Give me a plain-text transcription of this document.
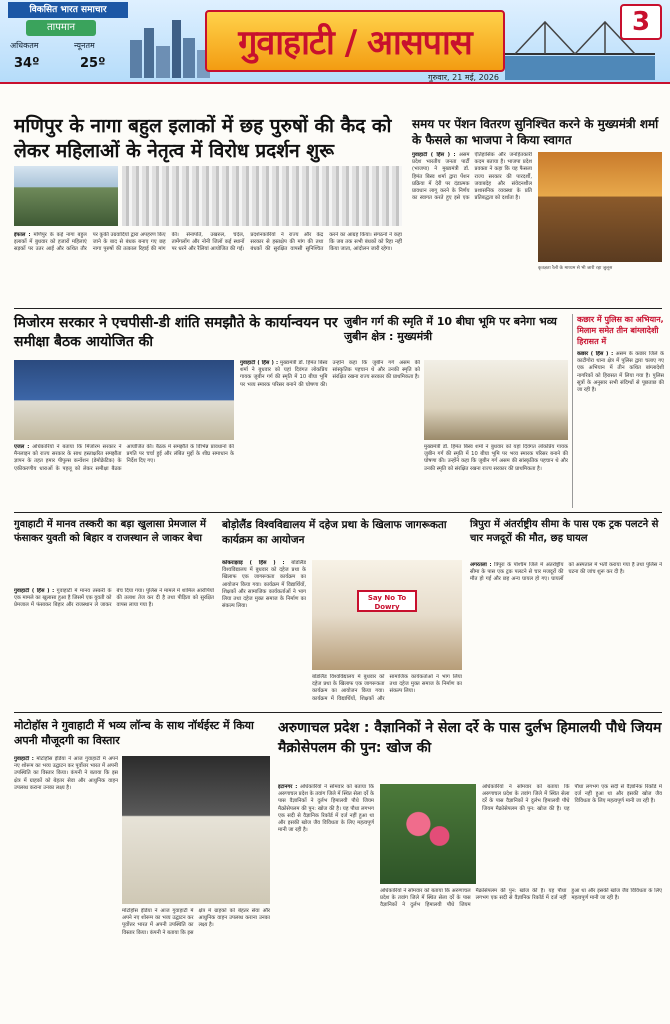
विकसित भारत समाचार
तापमान
अधिकतम	न्यूनतम
34º	25º
गुवाहाटी / आसपास
गुरुवार, 21 मई, 2026
3
मणिपुर के नागा बहुल इलाकों में छह पुरुषों की कैद को लेकर महिलाओं के नेतृत्व में विरोध प्रदर्शन शुरू
इंफाल : मणिपुर के कई नागा बहुल इलाकों में बुधवार को हजारों महिलाएं सड़कों पर उतर आईं और कथित तौर पर कुकी उग्रवादियों द्वारा अपहरण किए जाने के बाद से बंधक बनाए गए छह नागा पुरुषों की तत्काल रिहाई की मांग की। सेनापति, उखरुल, चंदेल, तामेंगलोंग और नोनी जिलों कई स्थानों पर धरने और रैलियां आयोजित की गईं। प्रदर्शनकारियों ने राज्य और केंद्र सरकार से हस्तक्षेप की मांग की तथा बंधकों की सुरक्षित वापसी सुनिश्चित करने का आग्रह किया। संगठनों ने कहा कि जब तक सभी बंधकों को रिहा नहीं किया जाता, आंदोलन जारी रहेगा।
समय पर पेंशन वितरण सुनिश्चित करने के मुख्यमंत्री शर्मा के फैसले का भाजपा ने किया स्वागत
गुवाहाटी ( हिंस ) : असम प्रदेश भारतीय जनता पार्टी (भाजपा) ने मुख्यमंत्री डॉ. हिमंत बिस्व शर्मा द्वारा पेंशन प्रक्रिया में देरी पर दंडात्मक प्रावधान लागू करने के निर्णय का स्वागत करते हुए इसे एक ऐतिहासिक और जनहितकारी कदम बताया है। भाजपा प्रदेश प्रवक्ता ने कहा कि यह फैसला राज्य सरकार की पारदर्शी, जवाबदेह और संवेदनशील प्रशासनिक व्यवस्था के प्रति प्रतिबद्धता को दर्शाता है।
कृतज्ञता रैली के माध्यम से भी जारी रहा जुलूस
मिजोरम सरकार ने एचपीसी-डी शांति समझौते के कार्यान्वयन पर समीक्षा बैठक आयोजित की
एजल : अधिकारियों ने बताया कि मिजोरम सरकार ने मैनलाइन को राज्य सरकार के साथ हस्ताक्षरित समझौता ज्ञापन के तहत हमार पीपुल्स कन्वेंशन (डेमोक्रेटिक) के एकीकरणीय धाराओं के पहलू को लेकर समीक्षा बैठक आयोजित की। बैठक में समझौते के विभिन्न प्रावधानों की प्रगति पर चर्चा हुई और लंबित मुद्दों के शीघ्र समाधान के निर्देश दिए गए।
जुबीन गर्ग की स्मृति में 10 बीघा भूमि पर बनेगा भव्य जुबीन क्षेत्र : मुख्यमंत्री
गुवाहाटी ( हिंस ) : मुख्यमंत्री डॉ. हिमंत बिस्व शर्मा ने बुधवार को यहां दिवंगत लोकप्रिय गायक जुबीन गर्ग की स्मृति में 10 बीघा भूमि पर भव्य स्मारक परिसर बनाने की घोषणा की। उन्होंने कहा कि जुबीन गर्ग असम की सांस्कृतिक पहचान थे और उनकी स्मृति को संरक्षित रखना राज्य सरकार की प्राथमिकता है।
मुख्यमंत्री डॉ. हिमंत बिस्व शर्मा ने बुधवार को यहां दिवंगत लोकप्रिय गायक जुबीन गर्ग की स्मृति में 10 बीघा भूमि पर भव्य स्मारक परिसर बनाने की घोषणा की। उन्होंने कहा कि जुबीन गर्ग असम की सांस्कृतिक पहचान थे और उनकी स्मृति को संरक्षित रखना राज्य सरकार की प्राथमिकता है।
कछार में पुलिस का अभियान, मिलाम समेत तीन बांग्लादेशी हिरासत में
कछार ( हिंस ) : असम के कछार जिले के काटीगोरा थाना क्षेत्र में पुलिस द्वारा चलाए गए एक अभियान में तीन कथित बांग्लादेशी नागरिकों को हिरासत में लिया गया है। पुलिस सूत्रों के अनुसार सभी संदिग्धों से पूछताछ की जा रही है।
गुवाहाटी में मानव तस्करी का बड़ा खुलासा प्रेमजाल में फंसाकर युवती को बिहार व राजस्थान ले जाकर बेचा
गुवाहाटी ( हिंस ) : गुवाहाटी में मानव तस्करी के एक मामले का खुलासा हुआ है जिसमें एक युवती को प्रेमजाल में फंसाकर बिहार और राजस्थान ले जाकर बेच दिया गया। पुलिस ने मामले में शामिल आरोपियों की तलाश तेज कर दी है तथा पीड़िता को सुरक्षित वापस लाया गया है।
बोड़ोलैंड विश्वविद्यालय में दहेज प्रथा के खिलाफ जागरूकता कार्यक्रम का आयोजन
कोकराझाड़ ( हिंस ) : बोडोलैंड विश्वविद्यालय में बुधवार को दहेज प्रथा के खिलाफ एक जागरूकता कार्यक्रम का आयोजन किया गया। कार्यक्रम में विद्यार्थियों, शिक्षकों और सामाजिक कार्यकर्ताओं ने भाग लिया तथा दहेज मुक्त समाज के निर्माण का संकल्प लिया।
Say No To Dowry
बोडोलैंड विश्वविद्यालय में बुधवार को दहेज प्रथा के खिलाफ एक जागरूकता कार्यक्रम का आयोजन किया गया। कार्यक्रम में विद्यार्थियों, शिक्षकों और सामाजिक कार्यकर्ताओं ने भाग लिया तथा दहेज मुक्त समाज के निर्माण का संकल्प लिया।
त्रिपुरा में अंतर्राष्ट्रीय सीमा के पास एक ट्रक पलटने से चार मजदूरों की मौत, छह घायल
अगरतला : त्रिपुरा के पश्चिम जिले में अंतर्राष्ट्रीय सीमा के पास एक ट्रक पलटने से चार मजदूरों की मौत हो गई और छह अन्य घायल हो गए। घायलों को अस्पताल में भर्ती कराया गया है तथा पुलिस ने घटना की जांच शुरू कर दी है।
मोटोहॉस ने गुवाहाटी में भव्य लॉन्च के साथ नॉर्थईस्ट में किया अपनी मौजूदगी का विस्तार
गुवाहाटी : मोटोहॉस इंडिया ने आज गुवाहाटी में अपने नए शोरूम का भव्य उद्घाटन कर पूर्वोत्तर भारत में अपनी उपस्थिति का विस्तार किया। कंपनी ने बताया कि इस क्षेत्र में ग्राहकों को बेहतर सेवा और आधुनिक वाहन उपलब्ध कराना उनका लक्ष्य है।
मोटोहॉस इंडिया ने आज गुवाहाटी में अपने नए शोरूम का भव्य उद्घाटन कर पूर्वोत्तर भारत में अपनी उपस्थिति का विस्तार किया। कंपनी ने बताया कि इस क्षेत्र में ग्राहकों को बेहतर सेवा और आधुनिक वाहन उपलब्ध कराना उनका लक्ष्य है।
अरुणाचल प्रदेश : वैज्ञानिकों ने सेला दर्रे के पास दुर्लभ हिमालयी पौधे जियम मैक्रोसेपलम की पुन: खोज की
इटानगर : अधिकारियों ने सोमवार को बताया कि अरुणाचल प्रदेश के तवांग जिले में स्थित सेला दर्रे के पास वैज्ञानिकों ने दुर्लभ हिमालयी पौधे जियम मैक्रोसेपलम की पुन: खोज की है। यह पौधा लगभग एक सदी से वैज्ञानिक रिकॉर्ड में दर्ज नहीं हुआ था और इसकी खोज जैव विविधता के लिए महत्वपूर्ण मानी जा रही है।
अधिकारियों ने सोमवार को बताया कि अरुणाचल प्रदेश के तवांग जिले में स्थित सेला दर्रे के पास वैज्ञानिकों ने दुर्लभ हिमालयी पौधे जियम मैक्रोसेपलम की पुन: खोज की है। यह पौधा लगभग एक सदी से वैज्ञानिक रिकॉर्ड में दर्ज नहीं हुआ था और इसकी खोज जैव विविधता के लिए महत्वपूर्ण मानी जा रही है।
अधिकारियों ने सोमवार को बताया कि अरुणाचल प्रदेश के तवांग जिले में स्थित सेला दर्रे के पास वैज्ञानिकों ने दुर्लभ हिमालयी पौधे जियम मैक्रोसेपलम की पुन: खोज की है। यह पौधा लगभग एक सदी से वैज्ञानिक रिकॉर्ड में दर्ज नहीं हुआ था और इसकी खोज जैव विविधता के लिए महत्वपूर्ण मानी जा रही है।
